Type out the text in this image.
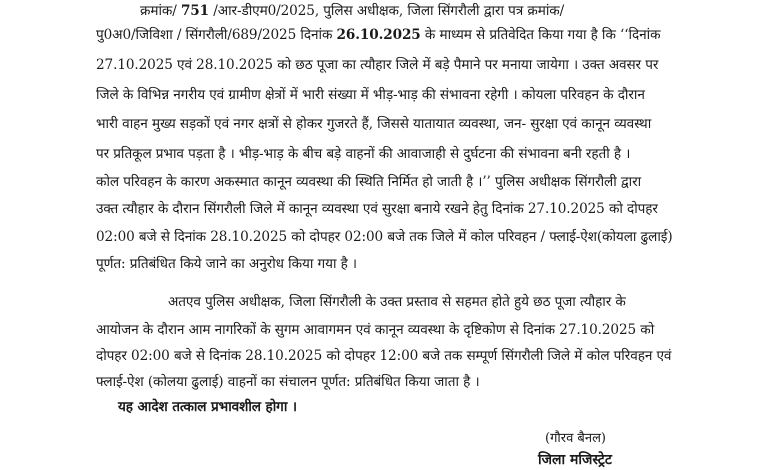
क्रमांक/ 751 /आर-डीएम0/2025, पुलिस अधीक्षक, जिला सिंगरौली द्वारा पत्र क्रमांक/
पु0अ0/जिविशा / सिंगरौली/689/2025 दिनांक 26.10.2025 के माध्यम से प्रतिवेदित किया गया है कि ‘‘दिनांक
27.10.2025 एवं 28.10.2025 को छठ पूजा का त्यौहार जिले में बड़े पैमाने पर मनाया जायेगा । उक्त अवसर पर
जिले के विभिन्न नगरीय एवं ग्रामीण क्षेत्रों में भारी संख्या में भीड़-भाड़ की संभावना रहेगी । कोयला परिवहन के दौरान
भारी वाहन मुख्य सड़कों एवं नगर क्षत्रों से होकर गुजरते हैं, जिससे यातायात व्यवस्था, जन- सुरक्षा एवं कानून व्यवस्था
पर प्रतिकूल प्रभाव पड़ता है । भीड़-भाड़ के बीच बड़े वाहनों की आवाजाही से दुर्घटना की संभावना बनी रहती है ।
कोल परिवहन के कारण अकस्मात कानून व्यवस्था की स्थिति निर्मित हो जाती है ।’’ पुलिस अधीक्षक सिंगरौली द्वारा
उक्त त्यौहार के दौरान सिंगरौली जिले में कानून व्यवस्था एवं सुरक्षा बनाये रखने हेतु दिनांक 27.10.2025 को दोपहर
02:00 बजे से दिनांक 28.10.2025 को दोपहर 02:00 बजे तक जिले में कोल परिवहन / फ्लाई-ऐश(कोयला ढुलाई)
पूर्णत: प्रतिबंधित किये जाने का अनुरोध किया गया है ।
अतएव पुलिस अधीक्षक, जिला सिंगरौली के उक्त प्रस्ताव से सहमत होते हुये छठ पूजा त्यौहार के
आयोजन के दौरान आम नागरिकों के सुगम आवागमन एवं कानून व्यवस्था के दृष्टिकोण से दिनांक 27.10.2025 को
दोपहर 02:00 बजे से दिनांक 28.10.2025 को दोपहर 12:00 बजे तक सम्पूर्ण सिंगरौली जिले में कोल परिवहन एवं
फ्लाई-ऐश (कोलया ढुलाई) वाहनों का संचालन पूर्णत: प्रतिबंधित किया जाता है ।
यह आदेश तत्काल प्रभावशील होगा ।
(गौरव बैनल)
जिला मजिस्ट्रेट
